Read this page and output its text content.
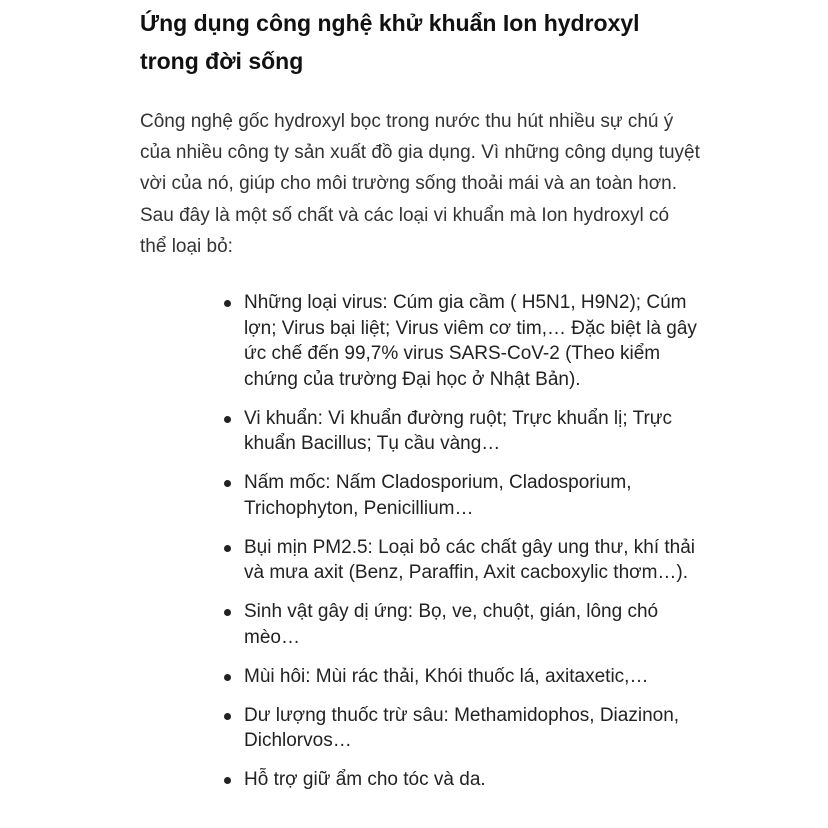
Ứng dụng công nghệ khử khuẩn Ion hydroxyl trong đời sống

Công nghệ gốc hydroxyl bọc trong nước thu hút nhiều sự chú ý của nhiều công ty sản xuất đồ gia dụng. Vì những công dụng tuyệt vời của nó, giúp cho môi trường sống thoải mái và an toàn hơn. Sau đây là một số chất và các loại vi khuẩn mà Ion hydroxyl có thể loại bỏ:

Những loại virus: Cúm gia cầm ( H5N1, H9N2); Cúm lợn; Virus bại liệt; Virus viêm cơ tim,… Đặc biệt là gây ức chế đến 99,7% virus SARS-CoV-2 (Theo kiểm chứng của trường Đại học ở Nhật Bản).
Vi khuẩn: Vi khuẩn đường ruột; Trực khuẩn lị; Trực khuẩn Bacillus; Tụ cầu vàng…
Nấm mốc: Nấm Cladosporium, Cladosporium, Trichophyton, Penicillium…
Bụi mịn PM2.5: Loại bỏ các chất gây ung thư, khí thải và mưa axit (Benz, Paraffin, Axit cacboxylic thơm…).
Sinh vật gây dị ứng: Bọ, ve, chuột, gián, lông chó mèo…
Mùi hôi: Mùi rác thải, Khói thuốc lá, axitaxetic,…
Dư lượng thuốc trừ sâu: Methamidophos, Diazinon, Dichlorvos…
Hỗ trợ giữ ẩm cho tóc và da.
